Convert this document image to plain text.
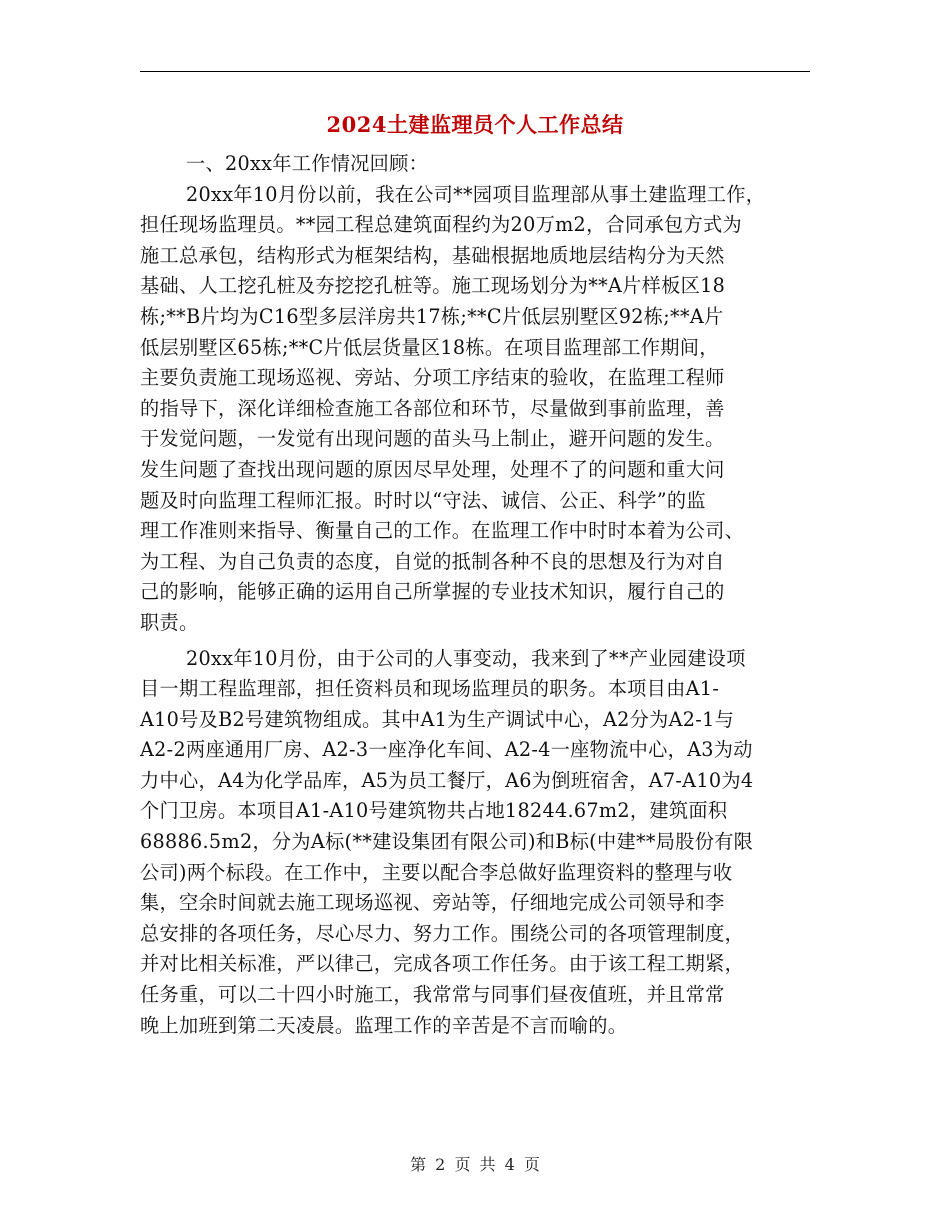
2024土建监理员个人工作总结

一、20xx年工作情况回顾：

20xx年10月份以前，我在公司**园项目监理部从事土建监理工作，
担任现场监理员。**园工程总建筑面程约为20万m2，合同承包方式为
施工总承包，结构形式为框架结构，基础根据地质地层结构分为天然
基础、人工挖孔桩及夯挖挖孔桩等。施工现场划分为**A片样板区18
栋;**B片均为C16型多层洋房共17栋;**C片低层别墅区92栋;**A片
低层别墅区65栋;**C片低层货量区18栋。在项目监理部工作期间，
主要负责施工现场巡视、旁站、分项工序结束的验收，在监理工程师
的指导下，深化详细检查施工各部位和环节，尽量做到事前监理，善
于发觉问题，一发觉有出现问题的苗头马上制止，避开问题的发生。
发生问题了查找出现问题的原因尽早处理，处理不了的问题和重大问
题及时向监理工程师汇报。时时以“守法、诚信、公正、科学”的监
理工作准则来指导、衡量自己的工作。在监理工作中时时本着为公司、
为工程、为自己负责的态度，自觉的抵制各种不良的思想及行为对自
己的影响，能够正确的运用自己所掌握的专业技术知识，履行自己的
职责。

20xx年10月份，由于公司的人事变动，我来到了**产业园建设项
目一期工程监理部，担任资料员和现场监理员的职务。本项目由A1-
A10号及B2号建筑物组成。其中A1为生产调试中心，A2分为A2-1与
A2-2两座通用厂房、A2-3一座净化车间、A2-4一座物流中心，A3为动
力中心，A4为化学品库，A5为员工餐厅，A6为倒班宿舍，A7-A10为4
个门卫房。本项目A1-A10号建筑物共占地18244.67m2，建筑面积
68886.5m2，分为A标(**建设集团有限公司)和B标(中建**局股份有限
公司)两个标段。在工作中，主要以配合李总做好监理资料的整理与收
集，空余时间就去施工现场巡视、旁站等，仔细地完成公司领导和李
总安排的各项任务，尽心尽力、努力工作。围绕公司的各项管理制度，
并对比相关标准，严以律己，完成各项工作任务。由于该工程工期紧，
任务重，可以二十四小时施工，我常常与同事们昼夜值班，并且常常
晚上加班到第二天凌晨。监理工作的辛苦是不言而喻的。

第 2 页 共 4 页
